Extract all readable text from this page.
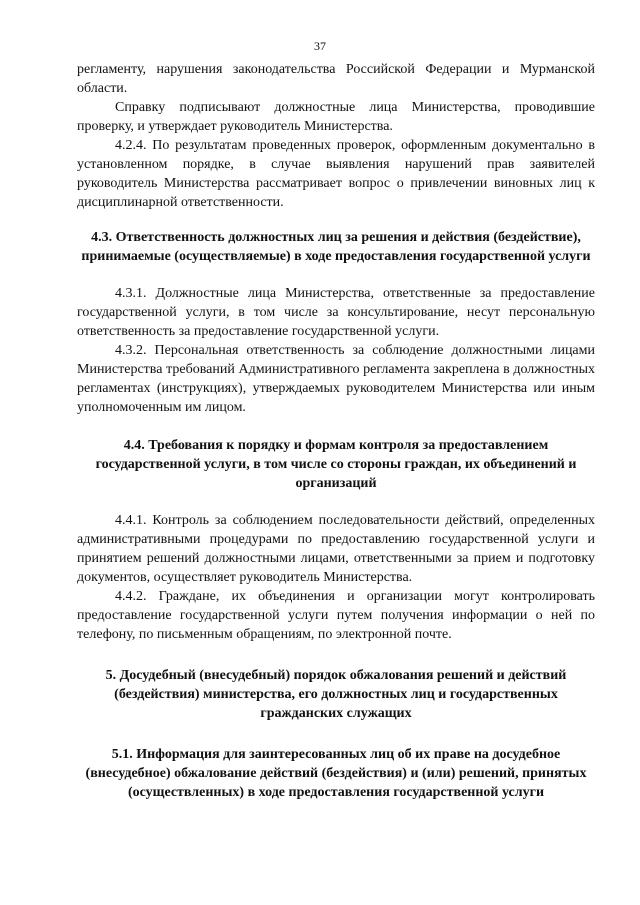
37

регламенту, нарушения законодательства Российской Федерации и Мурманской области.

Справку подписывают должностные лица Министерства, проводившие проверку, и утверждает руководитель Министерства.

4.2.4. По результатам проведенных проверок, оформленным документально в установленном порядке, в случае выявления нарушений прав заявителей руководитель Министерства рассматривает вопрос о привлечении виновных лиц к дисциплинарной ответственности.

4.3. Ответственность должностных лиц за решения и действия (бездействие), принимаемые (осуществляемые) в ходе предоставления государственной услуги

4.3.1. Должностные лица Министерства, ответственные за предоставление государственной услуги, в том числе за консультирование, несут персональную ответственность за предоставление государственной услуги.

4.3.2. Персональная ответственность за соблюдение должностными лицами Министерства требований Административного регламента закреплена в должностных регламентах (инструкциях), утверждаемых руководителем Министерства или иным уполномоченным им лицом.

4.4. Требования к порядку и формам контроля за предоставлением государственной услуги, в том числе со стороны граждан, их объединений и организаций

4.4.1. Контроль за соблюдением последовательности действий, определенных административными процедурами по предоставлению государственной услуги и принятием решений должностными лицами, ответственными за прием и подготовку документов, осуществляет руководитель Министерства.

4.4.2. Граждане, их объединения и организации могут контролировать предоставление государственной услуги путем получения информации о ней по телефону, по письменным обращениям, по электронной почте.

5. Досудебный (внесудебный) порядок обжалования решений и действий (бездействия) министерства, его должностных лиц и государственных гражданских служащих
5.1. Информация для заинтересованных лиц об их праве на досудебное (внесудебное) обжалование действий (бездействия) и (или) решений, принятых (осуществленных) в ходе предоставления государственной услуги
